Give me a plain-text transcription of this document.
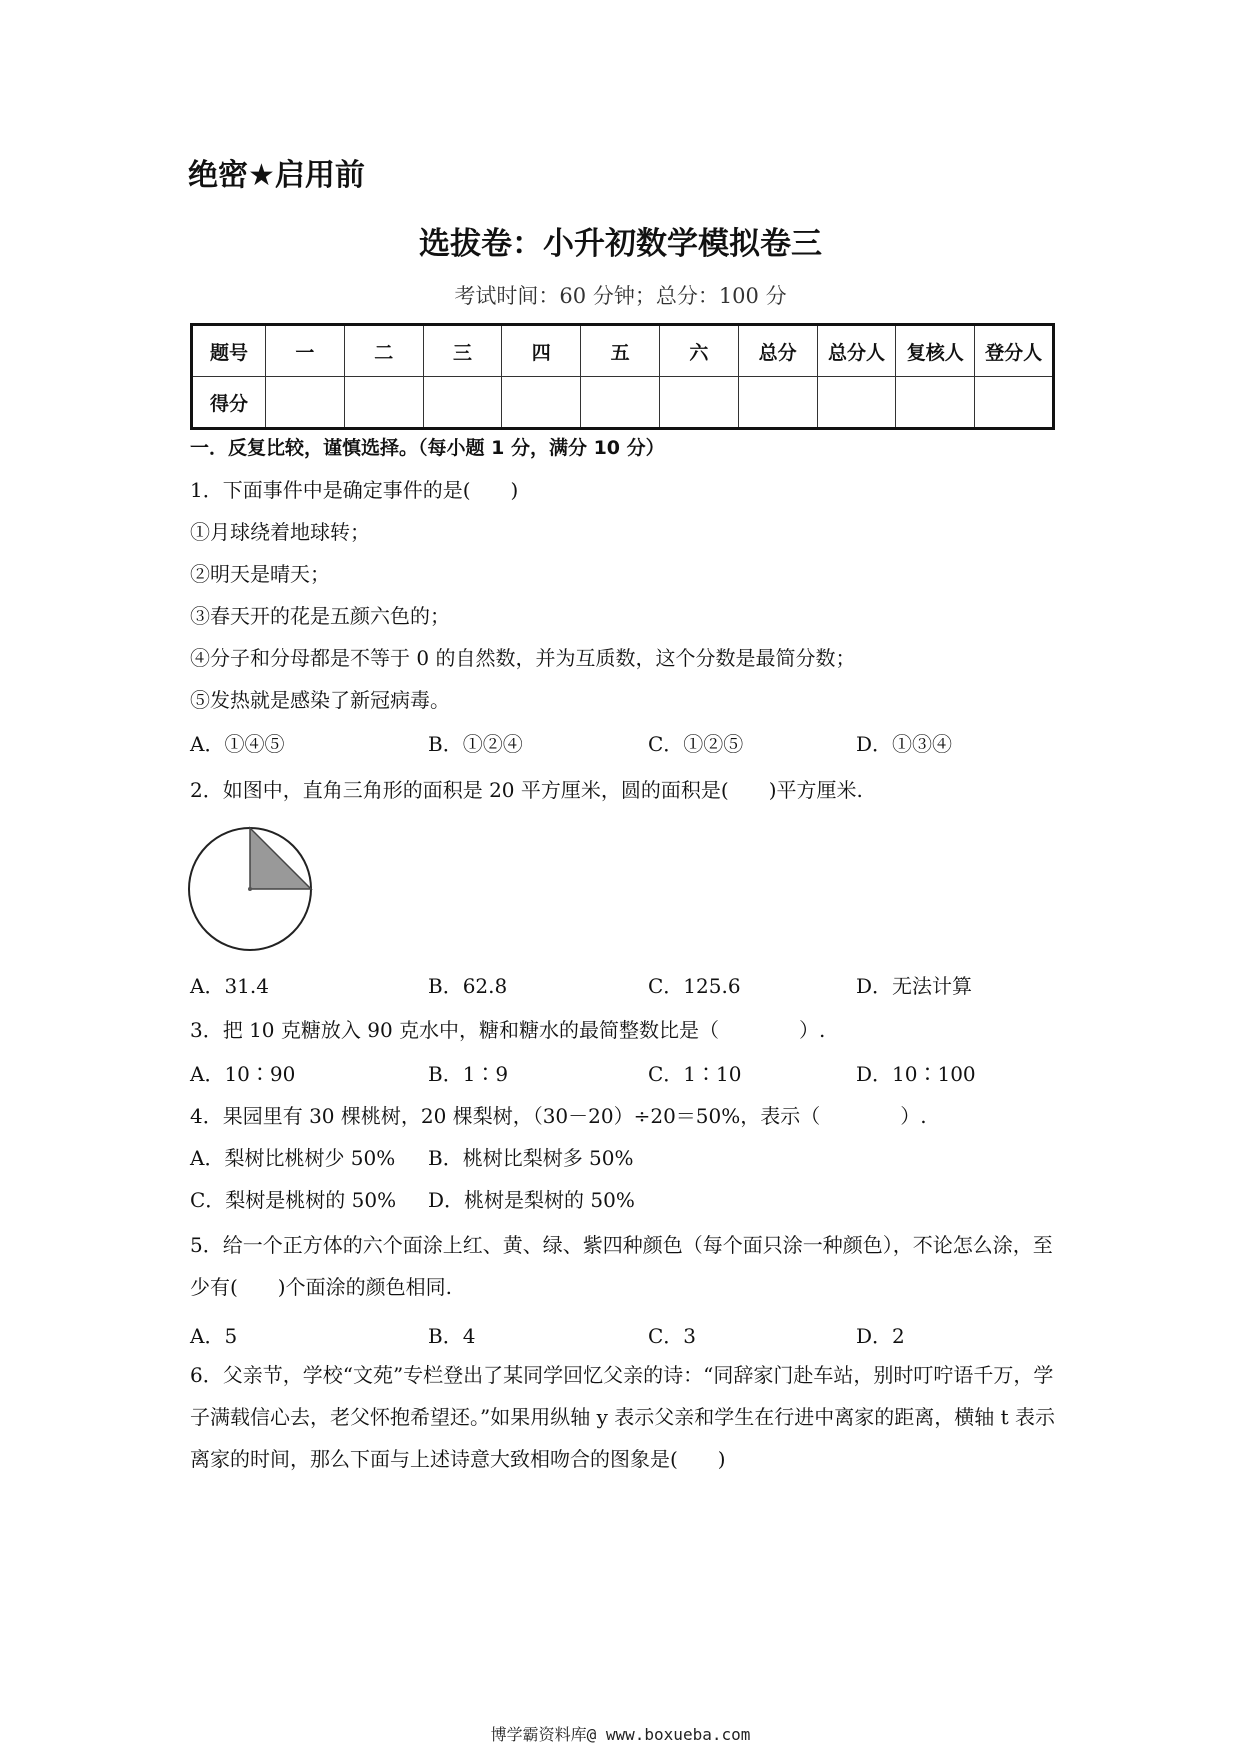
绝密★启用前
选拔卷：小升初数学模拟卷三
考试时间：60 分钟；总分：100 分
题号	一	二	三	四	五	六	总分	总分人	复核人	登分人
得分										
一．反复比较，谨慎选择。（每小题 1 分，满分 10 分）
1．下面事件中是确定事件的是(　　)
①月球绕着地球转；
②明天是晴天；
③春天开的花是五颜六色的；
④分子和分母都是不等于 0 的自然数，并为互质数，这个分数是最简分数；
⑤发热就是感染了新冠病毒。
A．①④⑤	B．①②④	C．①②⑤	D．①③④
2．如图中，直角三角形的面积是 20 平方厘米，圆的面积是(　　)平方厘米.
A．31.4	B．62.8	C．125.6	D．无法计算
3．把 10 克糖放入 90 克水中，糖和糖水的最简整数比是（　　　　）.
A．10∶90	B．1∶9	C．1∶10	D．10∶100
4．果园里有 30 棵桃树，20 棵梨树，（30－20）÷20＝50%，表示（　　　　）.
A．梨树比桃树少 50% B．桃树比梨树多 50%
C．梨树是桃树的 50% D．桃树是梨树的 50%
5．给一个正方体的六个面涂上红、黄、绿、紫四种颜色（每个面只涂一种颜色），不论怎么涂，至少有(　　)个面涂的颜色相同.
A．5	B．4	C．3	D．2
6．父亲节，学校“文苑”专栏登出了某同学回忆父亲的诗：“同辞家门赴车站，别时叮咛语千万，学子满载信心去，老父怀抱希望还。”如果用纵轴 y 表示父亲和学生在行进中离家的距离，横轴 t 表示离家的时间，那么下面与上述诗意大致相吻合的图象是(　　)
博学霸资料库@ www.boxueba.com
